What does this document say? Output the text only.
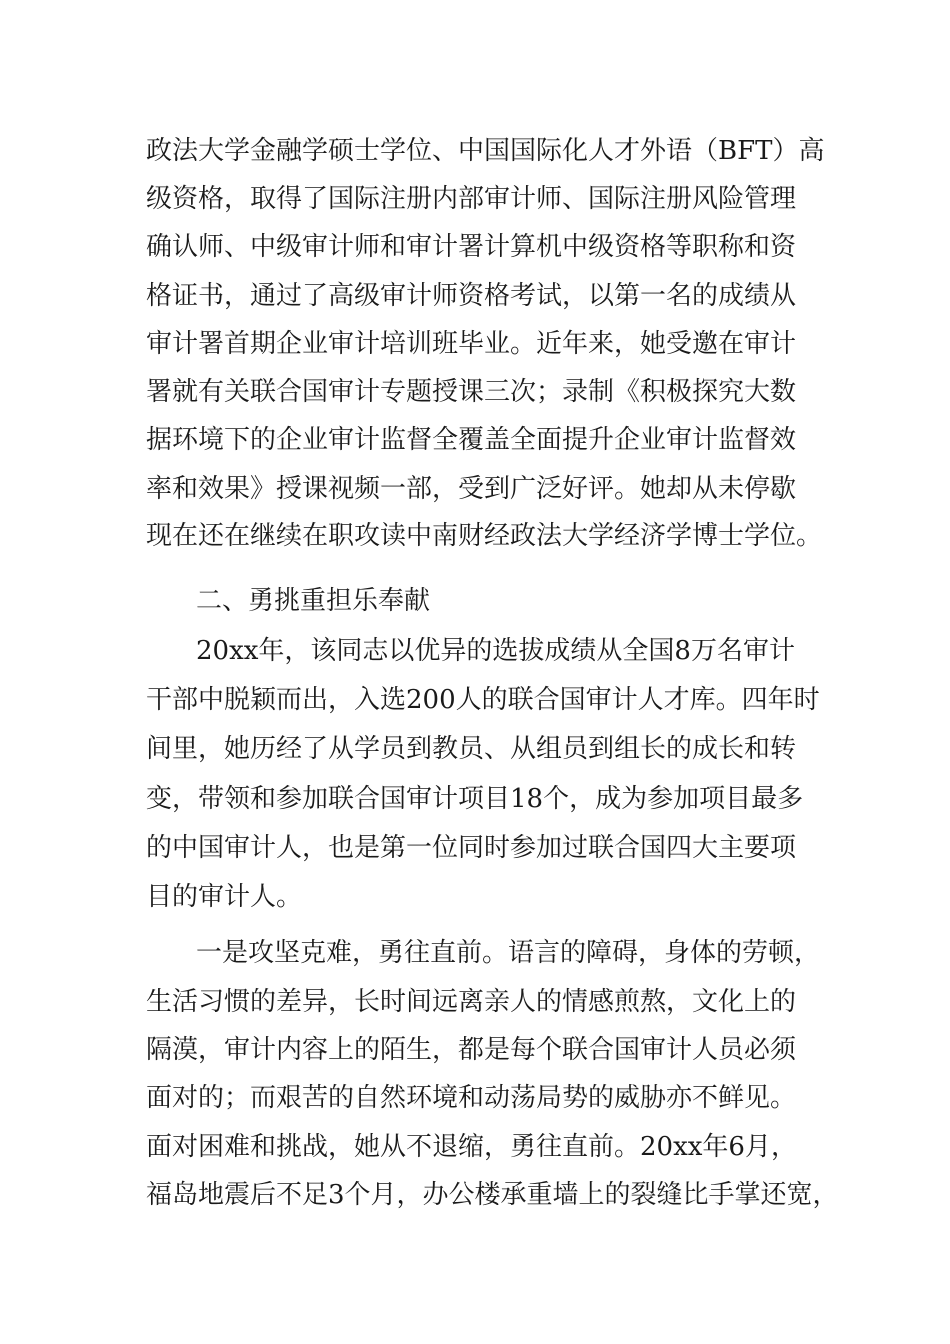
政法大学金融学硕士学位、中国国际化人才外语（BFT）高
级资格，取得了国际注册内部审计师、国际注册风险管理
确认师、中级审计师和审计署计算机中级资格等职称和资
格证书，通过了高级审计师资格考试，以第一名的成绩从
审计署首期企业审计培训班毕业。近年来，她受邀在审计
署就有关联合国审计专题授课三次；录制《积极探究大数
据环境下的企业审计监督全覆盖全面提升企业审计监督效
率和效果》授课视频一部，受到广泛好评。她却从未停歇
现在还在继续在职攻读中南财经政法大学经济学博士学位。
二、勇挑重担乐奉献
20xx年，该同志以优异的选拔成绩从全国8万名审计
干部中脱颖而出，入选200人的联合国审计人才库。四年时
间里，她历经了从学员到教员、从组员到组长的成长和转
变，带领和参加联合国审计项目18个，成为参加项目最多
的中国审计人，也是第一位同时参加过联合国四大主要项
目的审计人。
一是攻坚克难，勇往直前。语言的障碍，身体的劳顿，
生活习惯的差异，长时间远离亲人的情感煎熬，文化上的
隔漠，审计内容上的陌生，都是每个联合国审计人员必须
面对的；而艰苦的自然环境和动荡局势的威胁亦不鲜见。
面对困难和挑战，她从不退缩，勇往直前。20xx年6月，
福岛地震后不足3个月，办公楼承重墙上的裂缝比手掌还宽，
